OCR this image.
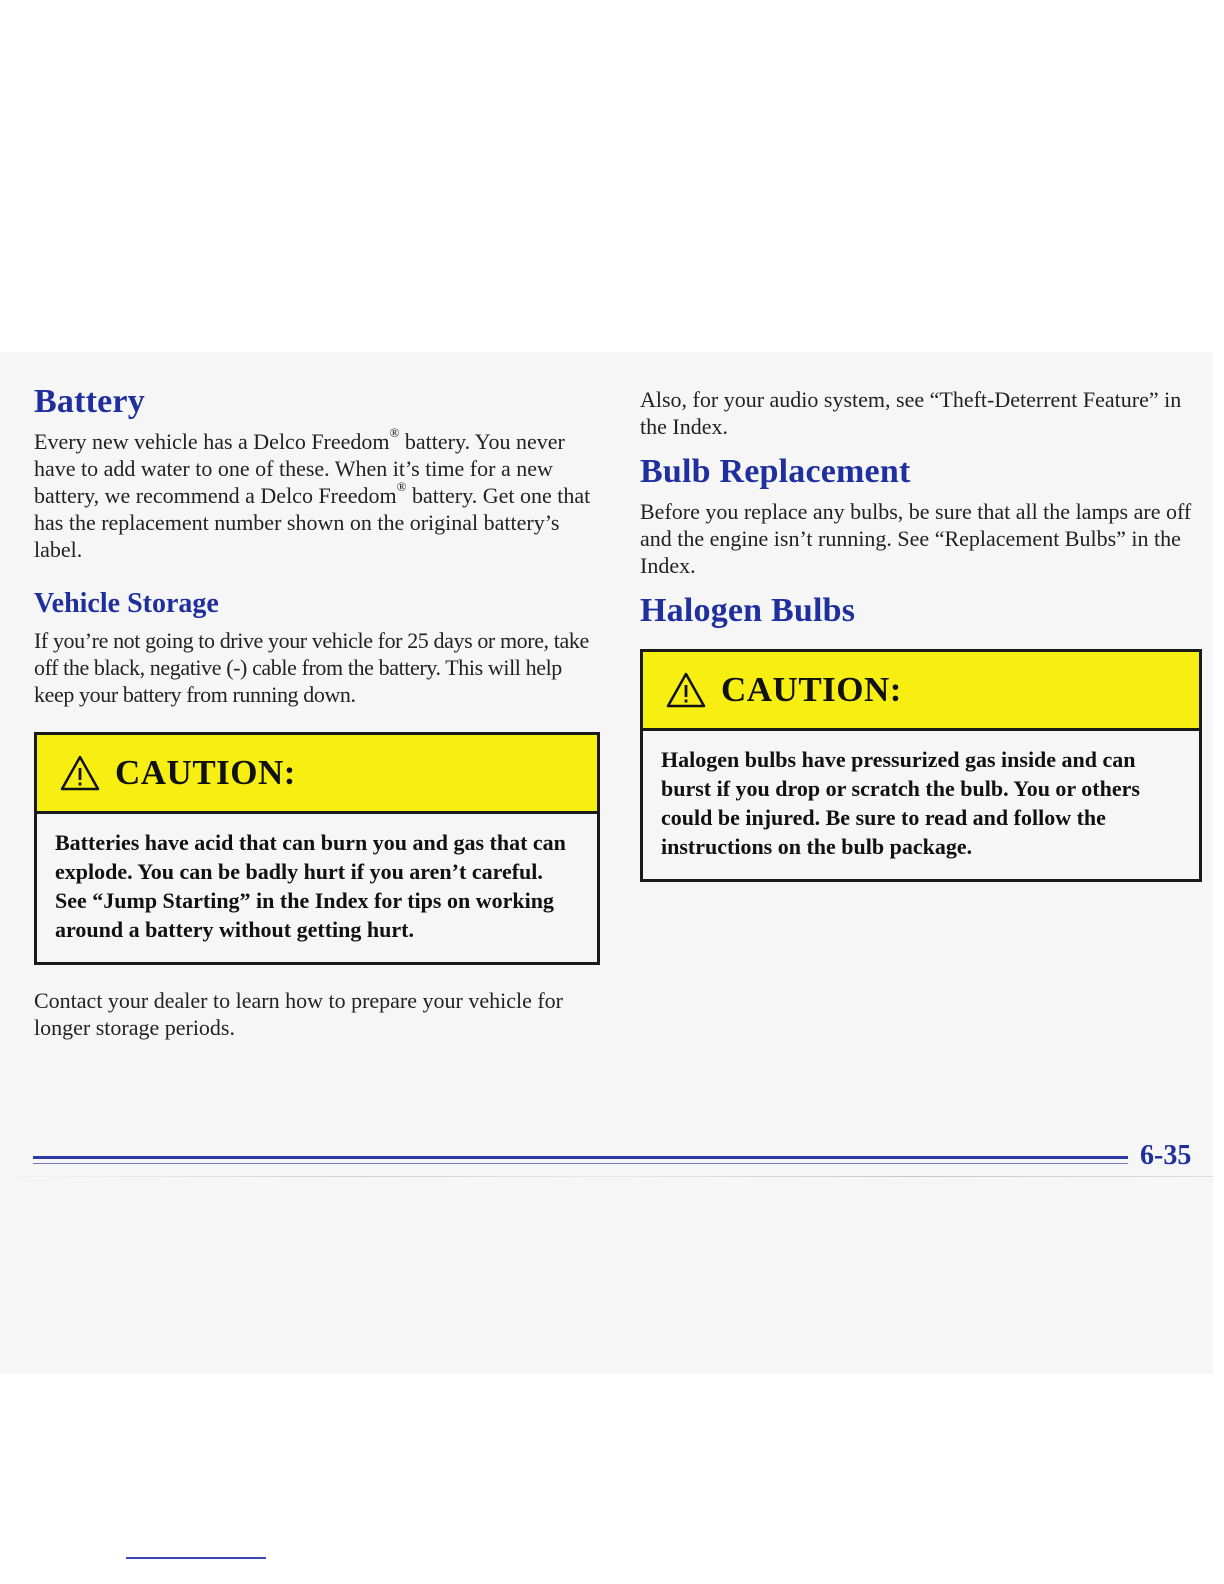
Battery

Every new vehicle has a Delco Freedom® battery. You never have to add water to one of these. When it’s time for a new battery, we recommend a Delco Freedom® battery. Get one that has the replacement number shown on the original battery’s label.

Vehicle Storage

If you’re not going to drive your vehicle for 25 days or more, take off the black, negative (-) cable from the battery. This will help keep your battery from running down.

CAUTION:
Batteries have acid that can burn you and gas that can explode. You can be badly hurt if you aren’t careful. See “Jump Starting” in the Index for tips on working around a battery without getting hurt.

Contact your dealer to learn how to prepare your vehicle for longer storage periods.

Also, for your audio system, see “Theft-Deterrent Feature” in the Index.

Bulb Replacement

Before you replace any bulbs, be sure that all the lamps are off and the engine isn’t running. See “Replacement Bulbs” in the Index.

Halogen Bulbs
CAUTION:
Halogen bulbs have pressurized gas inside and can burst if you drop or scratch the bulb. You or others could be injured. Be sure to read and follow the instructions on the bulb package.
6-35
